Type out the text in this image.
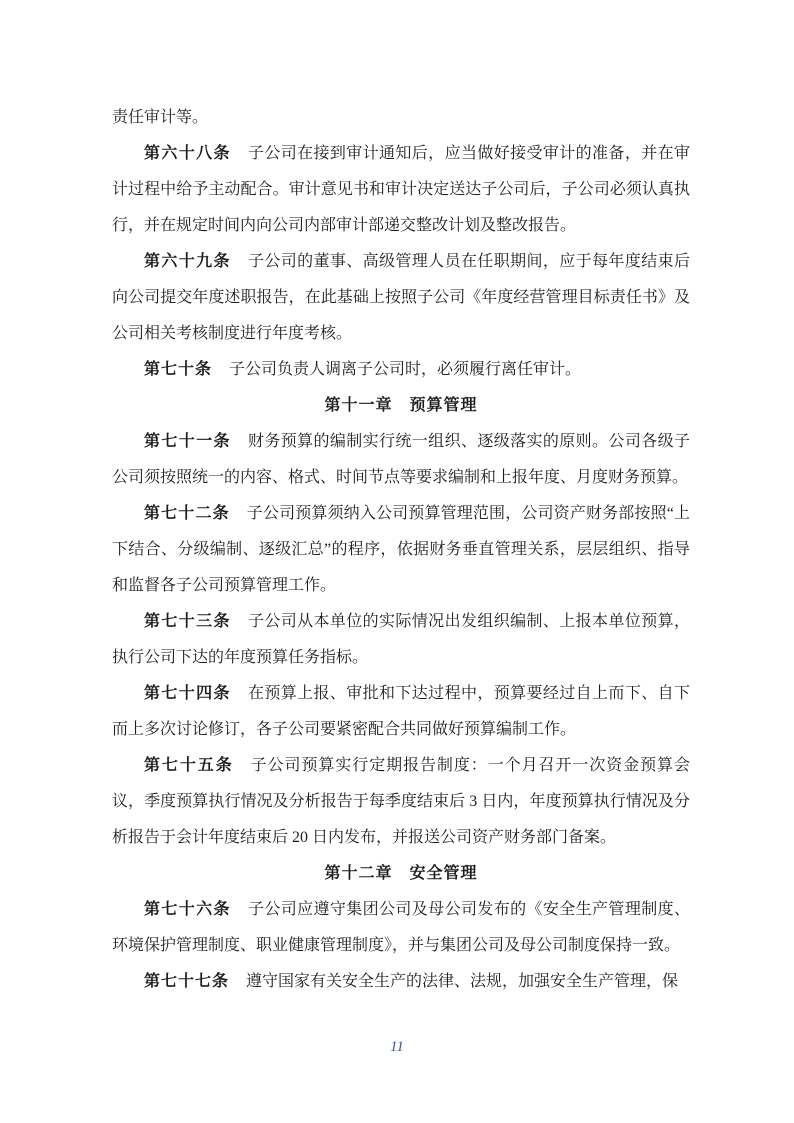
责任审计等。

第六十八条 子公司在接到审计通知后，应当做好接受审计的准备，并在审计过程中给予主动配合。审计意见书和审计决定送达子公司后，子公司必须认真执行，并在规定时间内向公司内部审计部递交整改计划及整改报告。

第六十九条 子公司的董事、高级管理人员在任职期间，应于每年度结束后向公司提交年度述职报告，在此基础上按照子公司《年度经营管理目标责任书》及公司相关考核制度进行年度考核。

第七十条 子公司负责人调离子公司时，必须履行离任审计。

第十一章　预算管理

第七十一条 财务预算的编制实行统一组织、逐级落实的原则。公司各级子公司须按照统一的内容、格式、时间节点等要求编制和上报年度、月度财务预算。

第七十二条 子公司预算须纳入公司预算管理范围，公司资产财务部按照“上下结合、分级编制、逐级汇总”的程序，依据财务垂直管理关系，层层组织、指导和监督各子公司预算管理工作。

第七十三条 子公司从本单位的实际情况出发组织编制、上报本单位预算，执行公司下达的年度预算任务指标。

第七十四条 在预算上报、审批和下达过程中，预算要经过自上而下、自下而上多次讨论修订，各子公司要紧密配合共同做好预算编制工作。

第七十五条 子公司预算实行定期报告制度：一个月召开一次资金预算会议，季度预算执行情况及分析报告于每季度结束后 3 日内，年度预算执行情况及分析报告于会计年度结束后 20 日内发布，并报送公司资产财务部门备案。

第十二章　安全管理

第七十六条 子公司应遵守集团公司及母公司发布的《安全生产管理制度、环境保护管理制度、职业健康管理制度》，并与集团公司及母公司制度保持一致。

第七十七条 遵守国家有关安全生产的法律、法规，加强安全生产管理，保

11
